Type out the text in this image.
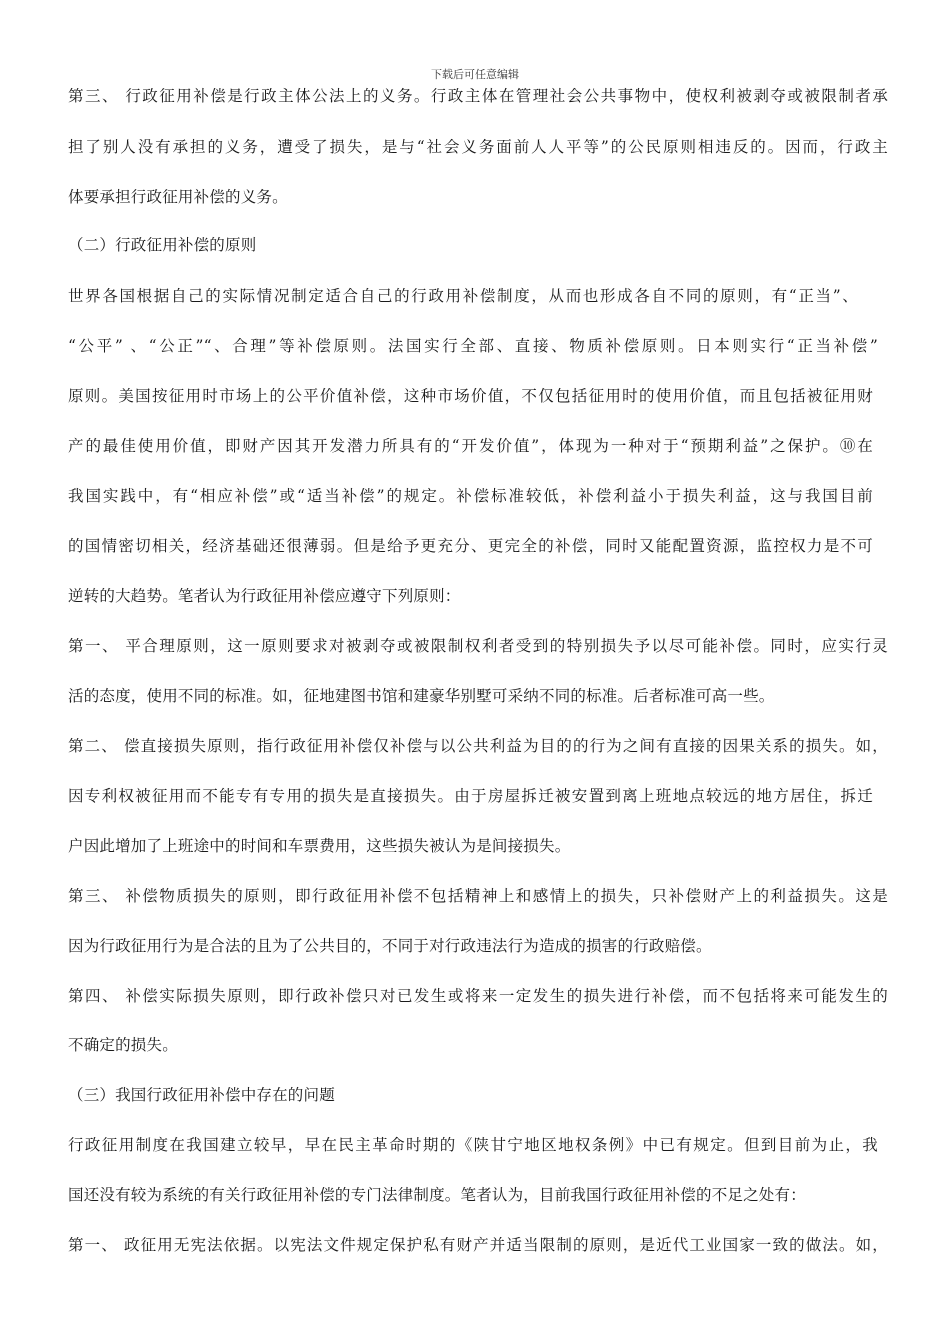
下载后可任意编辑
第三、 行政征用补偿是行政主体公法上的义务。行政主体在管理社会公共事物中，使权利被剥夺或被限制者承
担了别人没有承担的义务，遭受了损失，是与“社会义务面前人人平等”的公民原则相违反的。因而，行政主
体要承担行政征用补偿的义务。
（二）行政征用补偿的原则
世界各国根据自己的实际情况制定适合自己的行政用补偿制度，从而也形成各自不同的原则，有“正当”、
“公平” 、“公正”“、合理”等补偿原则。法国实行全部、直接、物质补偿原则。日本则实行“正当补偿”
原则。美国按征用时市场上的公平价值补偿，这种市场价值，不仅包括征用时的使用价值，而且包括被征用财
产的最佳使用价值，即财产因其开发潜力所具有的“开发价值”，体现为一种对于“预期利益”之保护。⑩在
我国实践中，有“相应补偿”或“适当补偿”的规定。补偿标准较低，补偿利益小于损失利益，这与我国目前
的国情密切相关，经济基础还很薄弱。但是给予更充分、更完全的补偿，同时又能配置资源，监控权力是不可
逆转的大趋势。笔者认为行政征用补偿应遵守下列原则：
第一、 平合理原则，这一原则要求对被剥夺或被限制权利者受到的特别损失予以尽可能补偿。同时，应实行灵
活的态度，使用不同的标准。如，征地建图书馆和建豪华别墅可采纳不同的标准。后者标准可高一些。
第二、 偿直接损失原则，指行政征用补偿仅补偿与以公共利益为目的的行为之间有直接的因果关系的损失。如，
因专利权被征用而不能专有专用的损失是直接损失。由于房屋拆迁被安置到离上班地点较远的地方居住，拆迁
户因此增加了上班途中的时间和车票费用，这些损失被认为是间接损失。
第三、 补偿物质损失的原则，即行政征用补偿不包括精神上和感情上的损失，只补偿财产上的利益损失。这是
因为行政征用行为是合法的且为了公共目的，不同于对行政违法行为造成的损害的行政赔偿。
第四、 补偿实际损失原则，即行政补偿只对已发生或将来一定发生的损失进行补偿，而不包括将来可能发生的
不确定的损失。
（三）我国行政征用补偿中存在的问题
行政征用制度在我国建立较早，早在民主革命时期的《陕甘宁地区地权条例》中已有规定。但到目前为止，我
国还没有较为系统的有关行政征用补偿的专门法律制度。笔者认为，目前我国行政征用补偿的不足之处有：
第一、 政征用无宪法依据。以宪法文件规定保护私有财产并适当限制的原则，是近代工业国家一致的做法。如，
